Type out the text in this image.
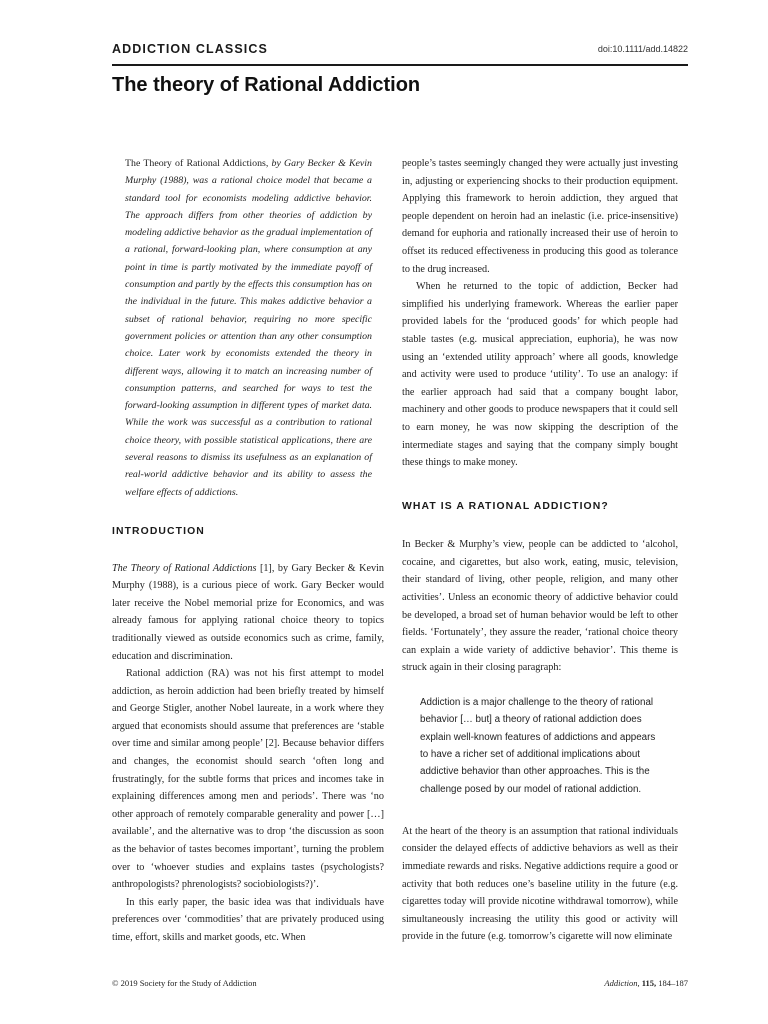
ADDICTION CLASSICS	doi:10.1111/add.14822
The theory of Rational Addiction

The Theory of Rational Addictions, by Gary Becker & Kevin Murphy (1988), was a rational choice model that became a standard tool for economists modeling addictive behavior. The approach differs from other theories of addiction by modeling addictive behavior as the gradual implementation of a rational, forward-looking plan, where consumption at any point in time is partly motivated by the immediate payoff of consumption and partly by the effects this consumption has on the individual in the future. This makes addictive behavior a subset of rational behavior, requiring no more specific government policies or attention than any other consumption choice. Later work by economists extended the theory in different ways, allowing it to match an increasing number of consumption patterns, and searched for ways to test the forward-looking assumption in different types of market data. While the work was successful as a contribution to rational choice theory, with possible statistical applications, there are several reasons to dismiss its usefulness as an explanation of real-world addictive behavior and its ability to assess the welfare effects of addictions.

INTRODUCTION

The Theory of Rational Addictions [1], by Gary Becker & Kevin Murphy (1988), is a curious piece of work. Gary Becker would later receive the Nobel memorial prize for Economics, and was already famous for applying rational choice theory to topics traditionally viewed as outside economics such as crime, family, education and discrimination.

Rational addiction (RA) was not his first attempt to model addiction, as heroin addiction had been briefly treated by himself and George Stigler, another Nobel laureate, in a work where they argued that economists should assume that preferences are ‘stable over time and similar among people’ [2]. Because behavior differs and changes, the economist should search ‘often long and frustratingly, for the subtle forms that prices and incomes take in explaining differences among men and periods’. There was ‘no other approach of remotely comparable generality and power […] available’, and the alternative was to drop ‘the discussion as soon as the behavior of tastes becomes important’, turning the problem over to ‘whoever studies and explains tastes (psychologists? anthropologists? phrenologists? sociobiologists?)’.

In this early paper, the basic idea was that individuals have preferences over ‘commodities’ that are privately produced using time, effort, skills and market goods, etc. When

people’s tastes seemingly changed they were actually just investing in, adjusting or experiencing shocks to their production equipment. Applying this framework to heroin addiction, they argued that people dependent on heroin had an inelastic (i.e. price-insensitive) demand for euphoria and rationally increased their use of heroin to offset its reduced effectiveness in producing this good as tolerance to the drug increased.

When he returned to the topic of addiction, Becker had simplified his underlying framework. Whereas the earlier paper provided labels for the ‘produced goods’ for which people had stable tastes (e.g. musical appreciation, euphoria), he was now using an ‘extended utility approach’ where all goods, knowledge and activity were used to produce ‘utility’. To use an analogy: if the earlier approach had said that a company bought labor, machinery and other goods to produce newspapers that it could sell to earn money, he was now skipping the description of the intermediate stages and saying that the company simply bought these things to make money.

WHAT IS A RATIONAL ADDICTION?

In Becker & Murphy’s view, people can be addicted to ‘alcohol, cocaine, and cigarettes, but also work, eating, music, television, their standard of living, other people, religion, and many other activities’. Unless an economic theory of addictive behavior could be developed, a broad set of human behavior would be left to other fields. ‘Fortunately’, they assure the reader, ‘rational choice theory can explain a wide variety of addictive behavior’. This theme is struck again in their closing paragraph:

Addiction is a major challenge to the theory of rational behavior [… but] a theory of rational addiction does explain well-known features of addictions and appears to have a richer set of additional implications about addictive behavior than other approaches. This is the challenge posed by our model of rational addiction.

At the heart of the theory is an assumption that rational individuals consider the delayed effects of addictive behaviors as well as their immediate rewards and risks. Negative addictions require a good or activity that both reduces one’s baseline utility in the future (e.g. cigarettes today will provide nicotine withdrawal tomorrow), while simultaneously increasing the utility this good or activity will provide in the future (e.g. tomorrow’s cigarette will now eliminate

© 2019 Society for the Study of Addiction	Addiction, 115, 184–187
